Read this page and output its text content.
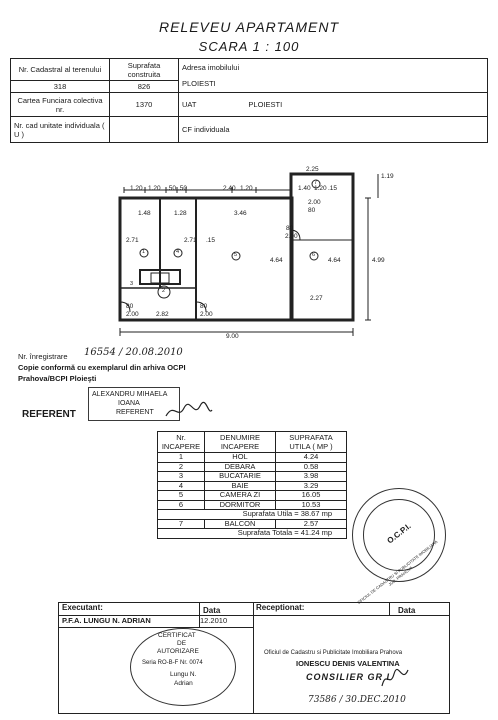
RELEVEU APARTAMENT
SCARA 1 : 100
Nr. Cadastral al terenului	Suprafata construita	Adresa imobilului
PLOIESTI

318	826	
Cartea Funciara colectiva nr.	1370	UAT PLOIESTI
Nr. cad unitate individuala ( U )		CF individuala
1.20 1.20 .50 .50	2.40 1.20
2.25
1.40 1.20 .15
1.48	1.28	3.46
2.71	2.71 .15
80
2.00
4.64	4.64	4.99
1.19
2.82
2.27
9.00
2.00
80	80
2.00
80
2.00
1
2
4	5	6
7
3
Nr. înregistrare 16554 / 20.08.2010
Copie conformă cu exemplarul din arhiva OCPI
Prahova/BCPI Ploieşti
ALEXANDRU MIHAELA
IOANA
REFERENT
REFERENT
Nr. INCAPERE	DENUMIRE INCAPERE	SUPRAFATA UTILA ( MP )
1	HOL	4.24
2	DEBARA	0.58
3	BUCATARIE	3.98
4	BAIE	3.29
5	CAMERA ZI	16.05
6	DORMITOR	10.53
Suprafata Utila = 38.67 mp		
7	BALCON	2.57
Suprafata Totala = 41.24 mp			O.C.P.I.
OFICIUL DE CADASTRU SI PUBLICITATE IMOBILIARA JUD. PRAHOVA
Executant:	Data
P.F.A. LUNGU N. ADRIAN	12.2010
Receptionat:	Data
CERTIFICAT
DE
AUTORIZARE
Seria RO-B-F Nr. 0074
Lungu N.
Adrian
Oficiul de Cadastru si Publicitate Imobiliara Prahova
IONESCU DENIS VALENTINA
CONSILIER GR I
73586 / 30.DEC.2010
